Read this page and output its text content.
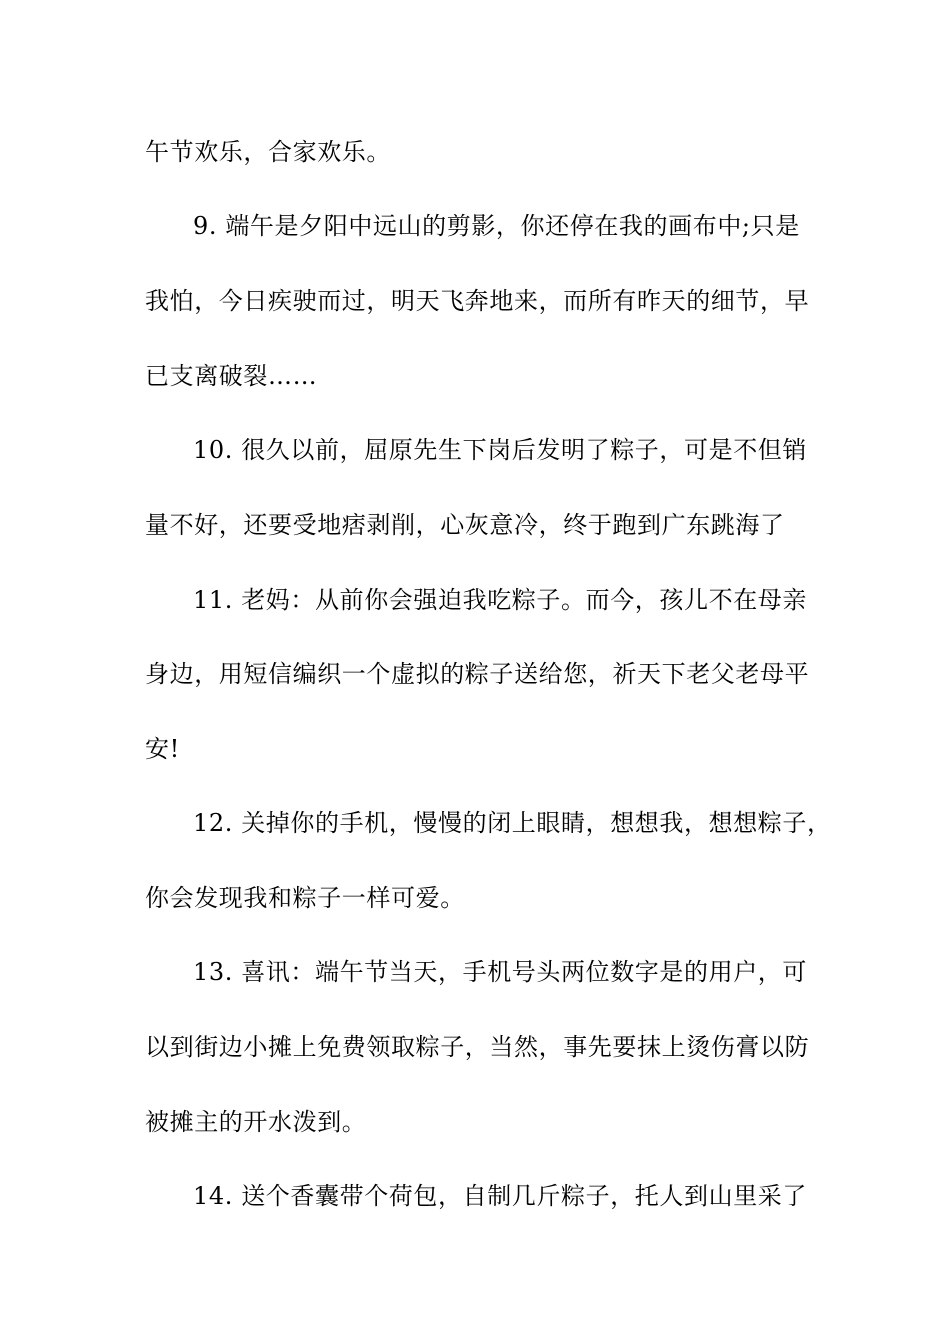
午节欢乐，合家欢乐。
9. 端午是夕阳中远山的剪影，你还停在我的画布中;只是
我怕，今日疾驶而过，明天飞奔地来，而所有昨天的细节，早
已支离破裂……
10. 很久以前，屈原先生下岗后发明了粽子，可是不但销
量不好，还要受地痞剥削，心灰意冷，终于跑到广东跳海了
11. 老妈：从前你会强迫我吃粽子。而今，孩儿不在母亲
身边，用短信编织一个虚拟的粽子送给您，祈天下老父老母平
安!
12. 关掉你的手机，慢慢的闭上眼睛，想想我，想想粽子，
你会发现我和粽子一样可爱。
13. 喜讯：端午节当天，手机号头两位数字是的用户，可
以到街边小摊上免费领取粽子，当然，事先要抹上烫伤膏以防
被摊主的开水泼到。
14. 送个香囊带个荷包，自制几斤粽子，托人到山里采了
